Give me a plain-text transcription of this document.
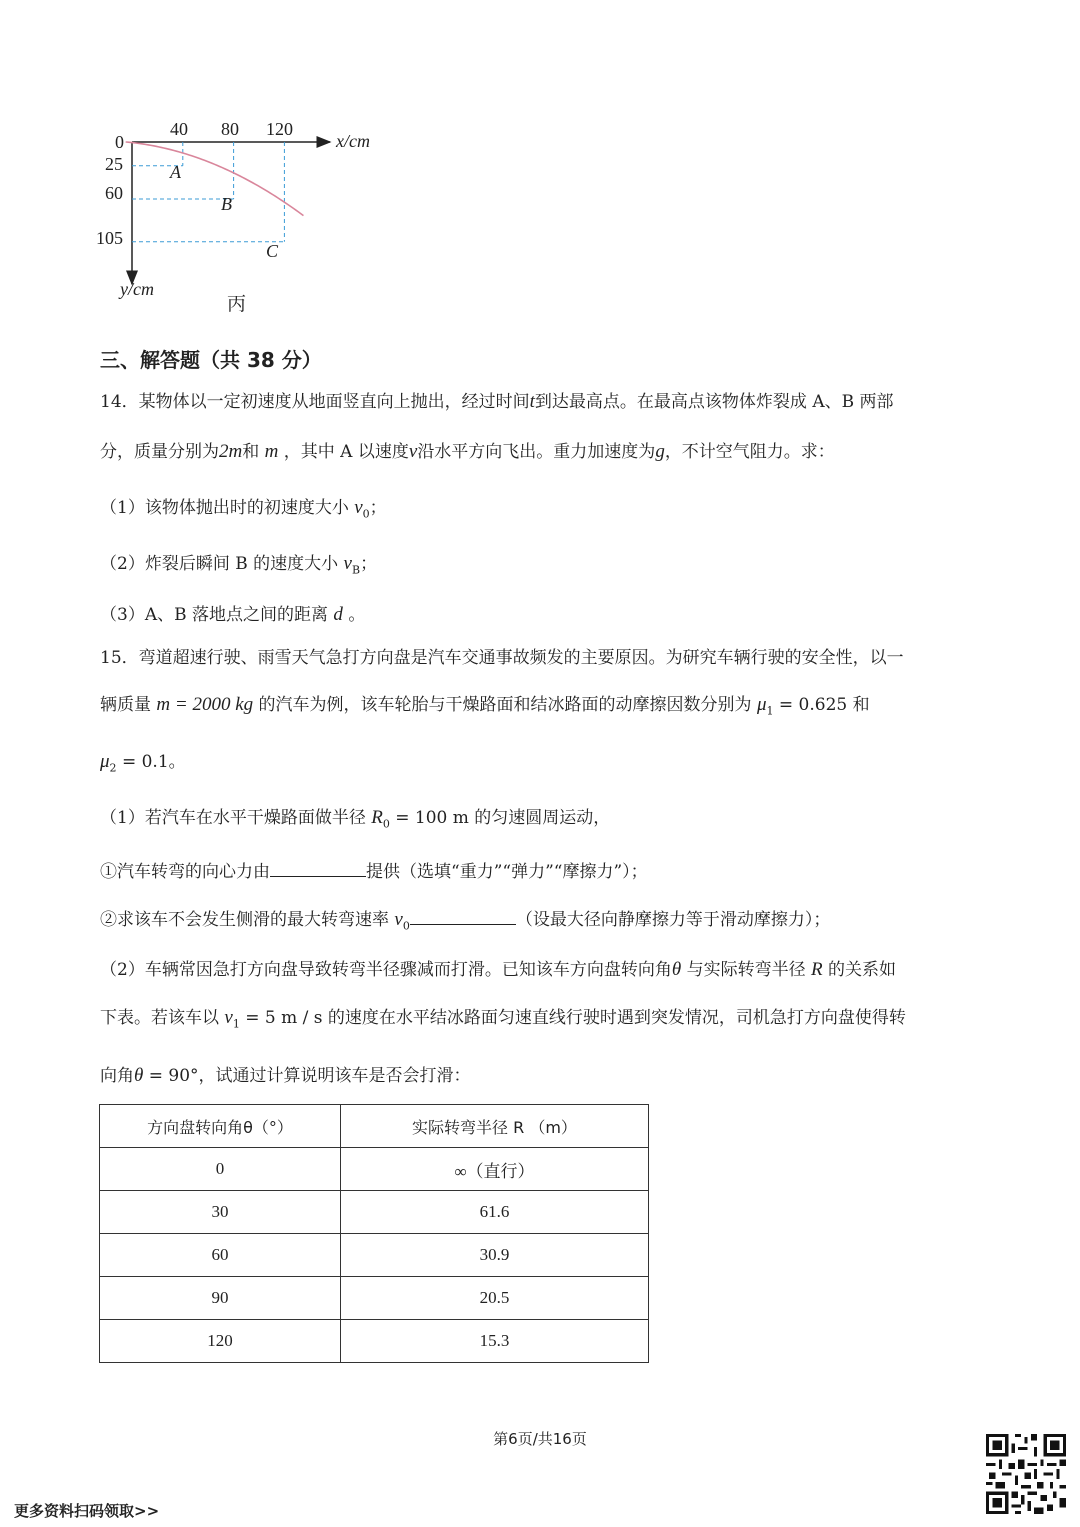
0
40 80 120
x/cm
25
60
105
y/cm
A
B
C
丙
三、解答题（共 38 分）
14．某物体以一定初速度从地面竖直向上抛出，经过时间t到达最高点。在最高点该物体炸裂成 A、B 两部
分，质量分别为2m和 m ，其中 A 以速度v沿水平方向飞出。重力加速度为g，不计空气阻力。求：
（1）该物体抛出时的初速度大小 $v_0$；
（2）炸裂后瞬间 B 的速度大小 $v_B$；
（3）A、B 落地点之间的距离 d 。
15．弯道超速行驶、雨雪天气急打方向盘是汽车交通事故频发的主要原因。为研究车辆行驶的安全性，以一
辆质量 m = 2000 kg 的汽车为例，该车轮胎与干燥路面和结冰路面的动摩擦因数分别为 $\mu_1 = 0.625$ 和
$\mu_2 = 0.1$。
（1）若汽车在水平干燥路面做半径 $R_0 = 100$ m 的匀速圆周运动，
①汽车转弯的向心力由	提供（选填“重力”“弹力”“摩擦力”）；
②求该车不会发生侧滑的最大转弯速率 $v_0$	（设最大径向静摩擦力等于滑动摩擦力）；
（2）车辆常因急打方向盘导致转弯半径骤减而打滑。已知该车方向盘转向角θ 与实际转弯半径 R 的关系如
下表。若该车以 $v_1 = 5$ m / s 的速度在水平结冰路面匀速直线行驶时遇到突发情况，司机急打方向盘使得转
向角θ = 90°，试通过计算说明该车是否会打滑：
方向盘转向角θ（°）	实际转弯半径 R （m）
0	∞（直行）
30	61.6
60	30.9
90	20.5
120	15.3
第6页/共16页
更多资料扫码领取>>
